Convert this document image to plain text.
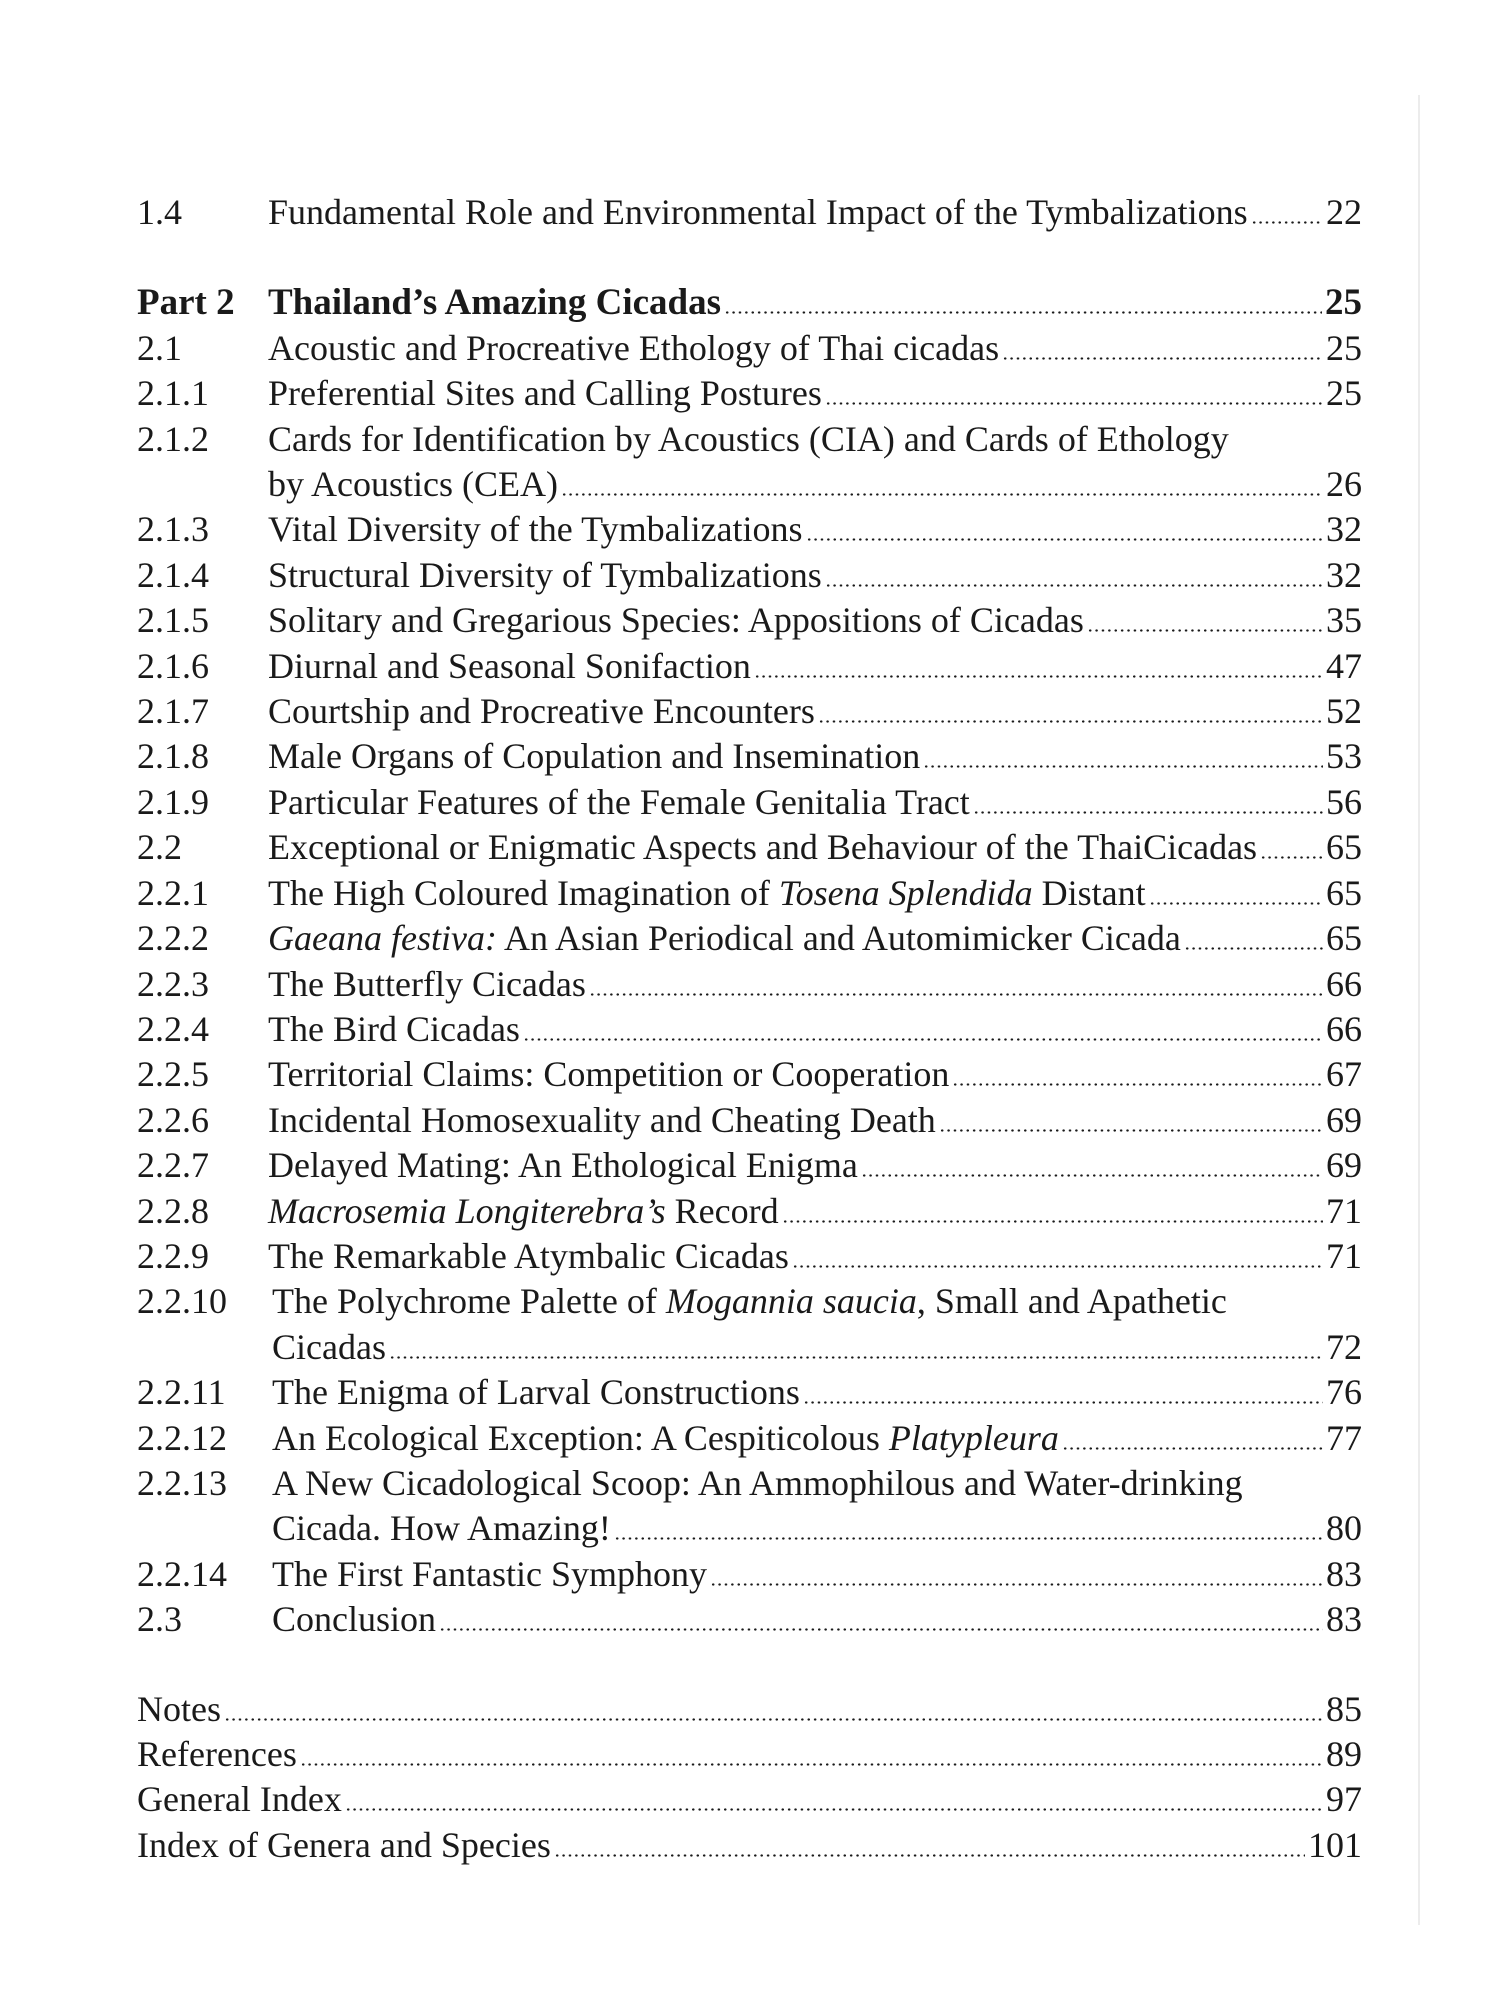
1.4	Fundamental Role and Environmental Impact of the Tymbalizations 22
Part 2 Thailand’s Amazing Cicadas	25
2.1	Acoustic and Procreative Ethology of Thai cicadas	25
2.1.1	Preferential Sites and Calling Postures	25
2.1.2	Cards for Identification by Acoustics (CIA) and Cards of Ethology
by Acoustics (CEA)	26
2.1.3	Vital Diversity of the Tymbalizations	32
2.1.4	Structural Diversity of Tymbalizations	32
2.1.5	Solitary and Gregarious Species: Appositions of Cicadas	35
2.1.6	Diurnal and Seasonal Sonifaction	47
2.1.7	Courtship and Procreative Encounters	52
2.1.8	Male Organs of Copulation and Insemination	53
2.1.9	Particular Features of the Female Genitalia Tract	56
2.2	Exceptional or Enigmatic Aspects and Behaviour of the ThaiCicadas 65
2.2.1	The High Coloured Imagination of Tosena Splendida Distant	65
2.2.2	Gaeana festiva: An Asian Periodical and Automimicker Cicada	65
2.2.3	The Butterfly Cicadas	66
2.2.4	The Bird Cicadas	66
2.2.5	Territorial Claims: Competition or Cooperation	67
2.2.6	Incidental Homosexuality and Cheating Death	69
2.2.7	Delayed Mating: An Ethological Enigma	69
2.2.8	Macrosemia Longiterebra’s Record	71
2.2.9	The Remarkable Atymbalic Cicadas	71
2.2.10	The Polychrome Palette of Mogannia saucia, Small and Apathetic
Cicadas	72
2.2.11	The Enigma of Larval Constructions	76
2.2.12	An Ecological Exception: A Cespiticolous Platypleura	77
2.2.13	A New Cicadological Scoop: An Ammophilous and Water-drinking
Cicada. How Amazing!	80
2.2.14	The First Fantastic Symphony	83
2.3	Conclusion	83
Notes	85
References	89
General Index	97
Index of Genera and Species	101
